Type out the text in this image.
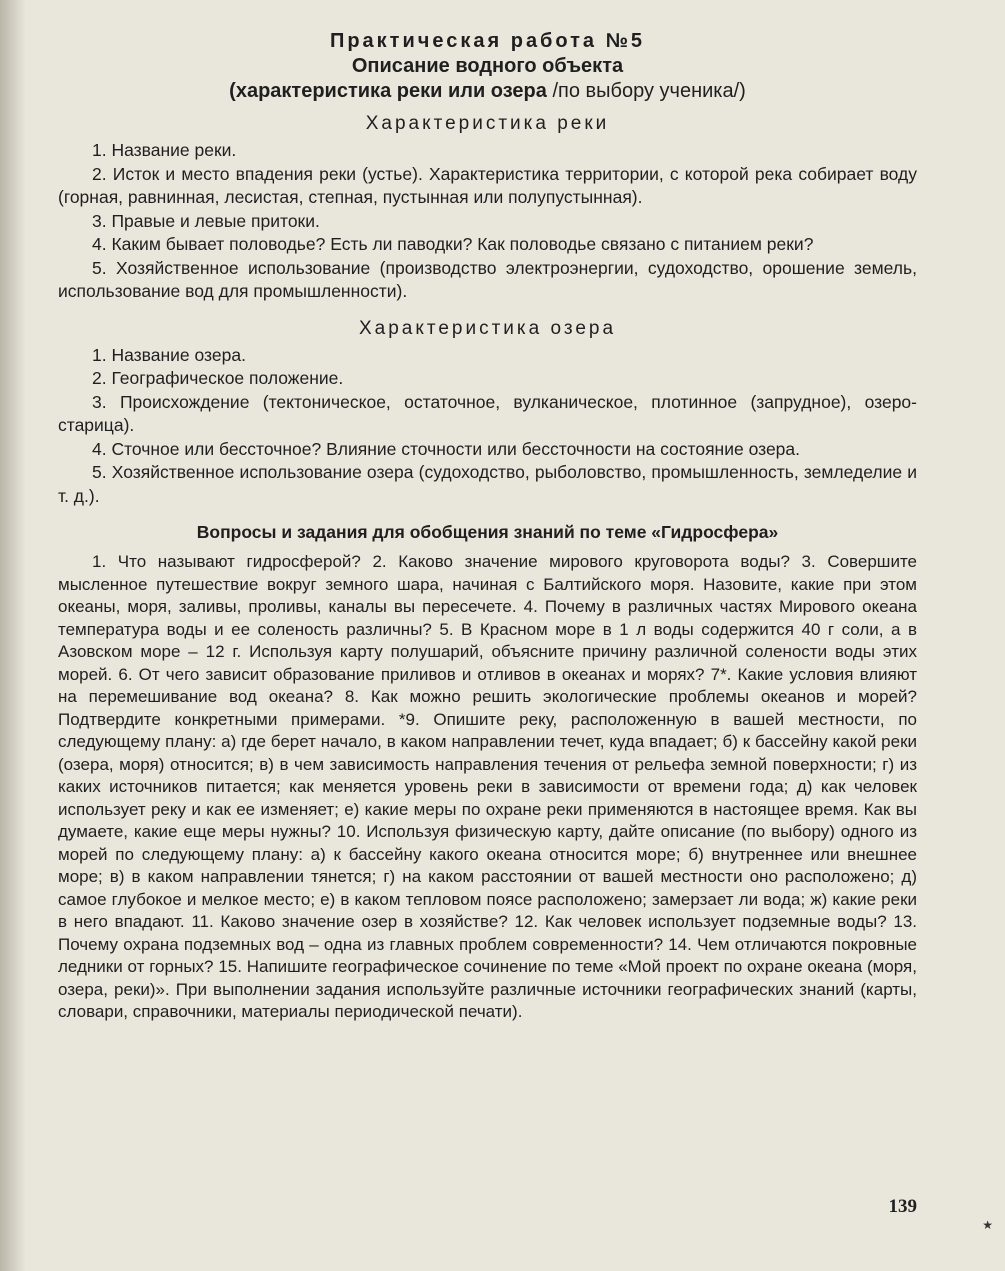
Практическая работа №5
Описание водного объекта
(характеристика реки или озера /по выбору ученика/)
Характеристика реки
1. Название реки.
2. Исток и место впадения реки (устье). Характеристика территории, с которой река собирает воду (горная, равнинная, лесистая, степная, пустынная или полупустынная).
3. Правые и левые притоки.
4. Каким бывает половодье? Есть ли паводки? Как половодье связано с питанием реки?
5. Хозяйственное использование (производство электроэнергии, судоходство, орошение земель, использование вод для промышленности).
Характеристика озера
1. Название озера.
2. Географическое положение.
3. Происхождение (тектоническое, остаточное, вулканическое, плотинное (запрудное), озеро-старица).
4. Сточное или бессточное? Влияние сточности или бессточности на состояние озера.
5. Хозяйственное использование озера (судоходство, рыболовство, промышленность, земледелие и т. д.).
Вопросы и задания для обобщения знаний по теме «Гидросфера»

1. Что называют гидросферой? 2. Каково значение мирового круговорота воды? 3. Совершите мысленное путешествие вокруг земного шара, начиная с Балтийского моря. Назовите, какие при этом океаны, моря, заливы, проливы, каналы вы пересечете. 4. Почему в различных частях Мирового океана температура воды и ее соленость различны? 5. В Красном море в 1 л воды содержится 40 г соли, а в Азовском море – 12 г. Используя карту полушарий, объясните причину различной солености воды этих морей. 6. От чего зависит образование приливов и отливов в океанах и морях? 7*. Какие условия влияют на перемешивание вод океана? 8. Как можно решить экологические проблемы океанов и морей? Подтвердите конкретными примерами. *9. Опишите реку, расположенную в вашей местности, по следующему плану: а) где берет начало, в каком направлении течет, куда впадает; б) к бассейну какой реки (озера, моря) относится; в) в чем зависимость направления течения от рельефа земной поверхности; г) из каких источников питается; как меняется уровень реки в зависимости от времени года; д) как человек использует реку и как ее изменяет; е) какие меры по охране реки применяются в настоящее время. Как вы думаете, какие еще меры нужны? 10. Используя физическую карту, дайте описание (по выбору) одного из морей по следующему плану: а) к бассейну какого океана относится море; б) внутреннее или внешнее море; в) в каком направлении тянется; г) на каком расстоянии от вашей местности оно расположено; д) самое глубокое и мелкое место; е) в каком тепловом поясе расположено; замерзает ли вода; ж) какие реки в него впадают. 11. Каково значение озер в хозяйстве? 12. Как человек использует подземные воды? 13. Почему охрана подземных вод – одна из главных проблем современности? 14. Чем отличаются покровные ледники от горных? 15. Напишите географическое сочинение по теме «Мой проект по охране океана (моря, озера, реки)». При выполнении задания используйте различные источники географических знаний (карты, словари, справочники, материалы периодической печати).

139
★
